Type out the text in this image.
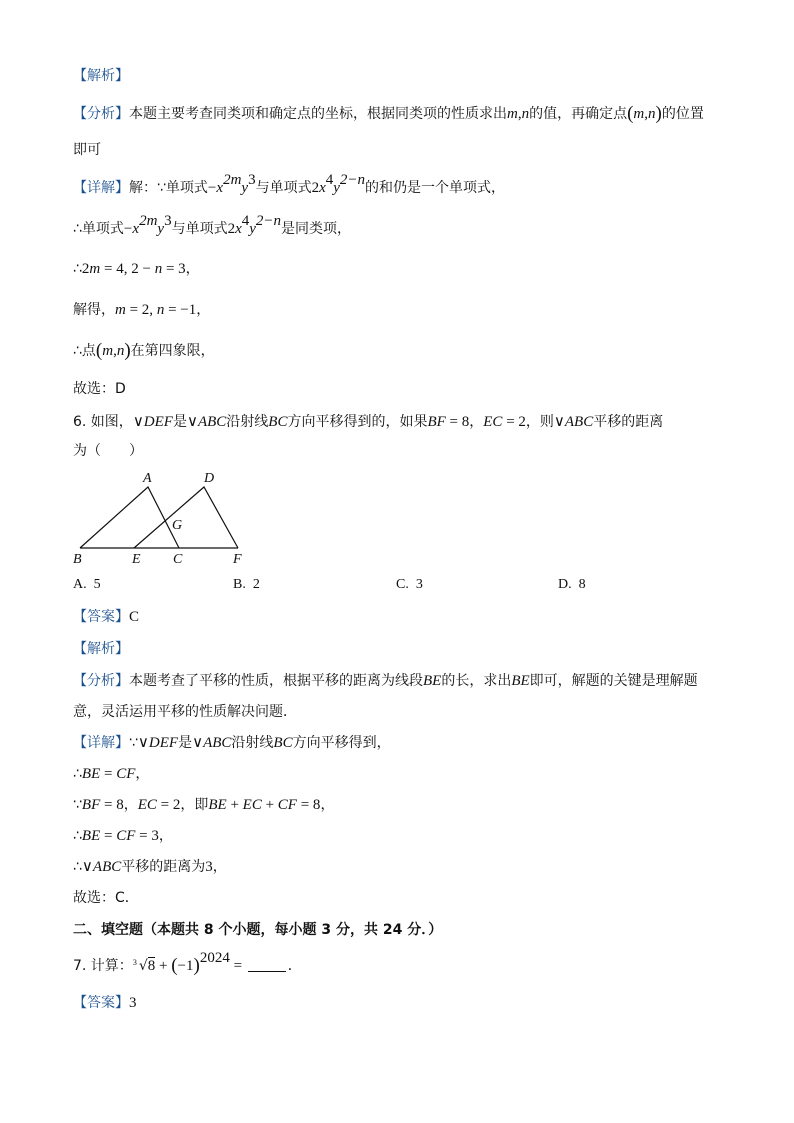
【解析】
【分析】本题主要考查同类项和确定点的坐标，根据同类项的性质求出m,n的值，再确定点(m,n)的位置
即可
【详解】解：∵单项式$-x^{2m}y^3$与单项式$2x^4y^{2-n}$的和仍是一个单项式，
∴单项式$-x^{2m}y^3$与单项式$2x^4y^{2-n}$是同类项，
∴2m = 4, 2 − n = 3，
解得，m = 2, n = −1，
∴点(m,n)在第四象限，
故选：D
6. 如图，∨DEF是∨ABC沿射线BC方向平移得到的，如果BF = 8，EC = 2，则∨ABC平移的距离
为（　　）
A	D
G
B	E C	F
A. 5	B. 2	C. 3	D. 8
【答案】C
【解析】
【分析】本题考查了平移的性质，根据平移的距离为线段BE的长，求出BE即可，解题的关键是理解题
意，灵活运用平移的性质解决问题．
【详解】∵∨DEF是∨ABC沿射线BC方向平移得到，
∴BE = CF，
∵BF = 8，EC = 2，即BE + EC + CF = 8，
∴BE = CF = 3，
∴∨ABC平移的距离为3，
故选：C．
二、填空题（本题共 8 个小题，每小题 3 分，共 24 分．）
7. 计算： 3 $√8 + (-1)^{2024}$ =	．
【答案】3
